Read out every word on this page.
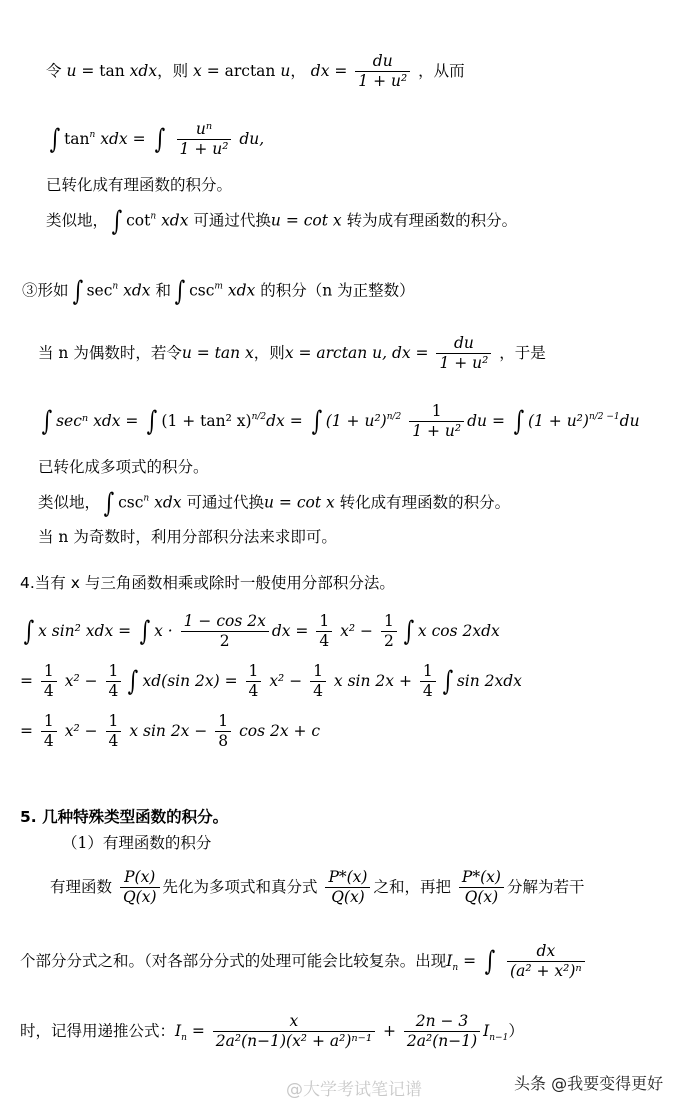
令 u = tan xdx，则 x = arctan u， dx = $\frac{du}{\text{1 + u²}}$ ，从而
∫ $\tan^n$ xdx = ∫ $\frac{\text{uⁿ}}{\text{1 + u²}}$ du,
已转化成有理函数的积分。
类似地， ∫ $\cot^n$ xdx 可通过代换u = cot x 转为成有理函数的积分。
③形如 ∫ $\sec^n$ xdx 和 ∫ $\csc^m$ xdx 的积分（n 为正整数）
当 n 为偶数时，若令u = tan x，则x = arctan u, dx = $\frac{du}{\text{1 + u²}}$ ，于是
∫ secⁿ xdx = ∫ (1 + tan² x)$^{n/2}$dx = ∫ $(1 + u^2)^{n/2} \frac{1}{\text{1 + u²}}$ du = ∫ $(1 + u^2)^{n/2 -1}du$
已转化成多项式的积分。
类似地， ∫ $\csc^n$ xdx 可通过代换u = cot x 转化成有理函数的积分。
当 n 为奇数时，利用分部积分法来求即可。
4.当有 x 与三角函数相乘或除时一般使用分部积分法。
∫ x sin² xdx = ∫ $x \cdot \frac{1 - \cos 2x}{2}$ dx = $\frac{1}{4} x^2 - \frac{1}{2}$ ∫ x cos 2xdx
= $\frac{1}{4} x^2 - \frac{1}{4}$ ∫ xd(sin $2x) = \frac{1}{4} x^2 - \frac{1}{4}$ x $\sin 2x + \frac{1}{4}$ ∫ sin 2xdx
= $\frac{1}{4} x^2 - \frac{1}{4}$ x $\sin 2x - \frac{1}{8}$ cos 2x + c
5. 几种特殊类型函数的积分。
（1）有理函数的积分
有理函数 $\frac{P(x)}{Q(x)}$ 先化为多项式和真分式 $\frac{P*(x)}{Q(x)}$ 之和，再把 $\frac{P*(x)}{Q(x)}$ 分解为若干
个部分分式之和。（对各部分分式的处理可能会比较复杂。出现$I_n$ = ∫ $\frac{dx}{\text{(a² + x²)ⁿ}}$
时，记得用递推公式：$I_n = \frac{x}{\text{2a²(n−1)(x² + a²)ⁿ⁻¹}} + \frac{2n - 3}{\text{2a²(n−1)}} I_{n-1}$）
@大学考试笔记谱	头条 @我要变得更好
